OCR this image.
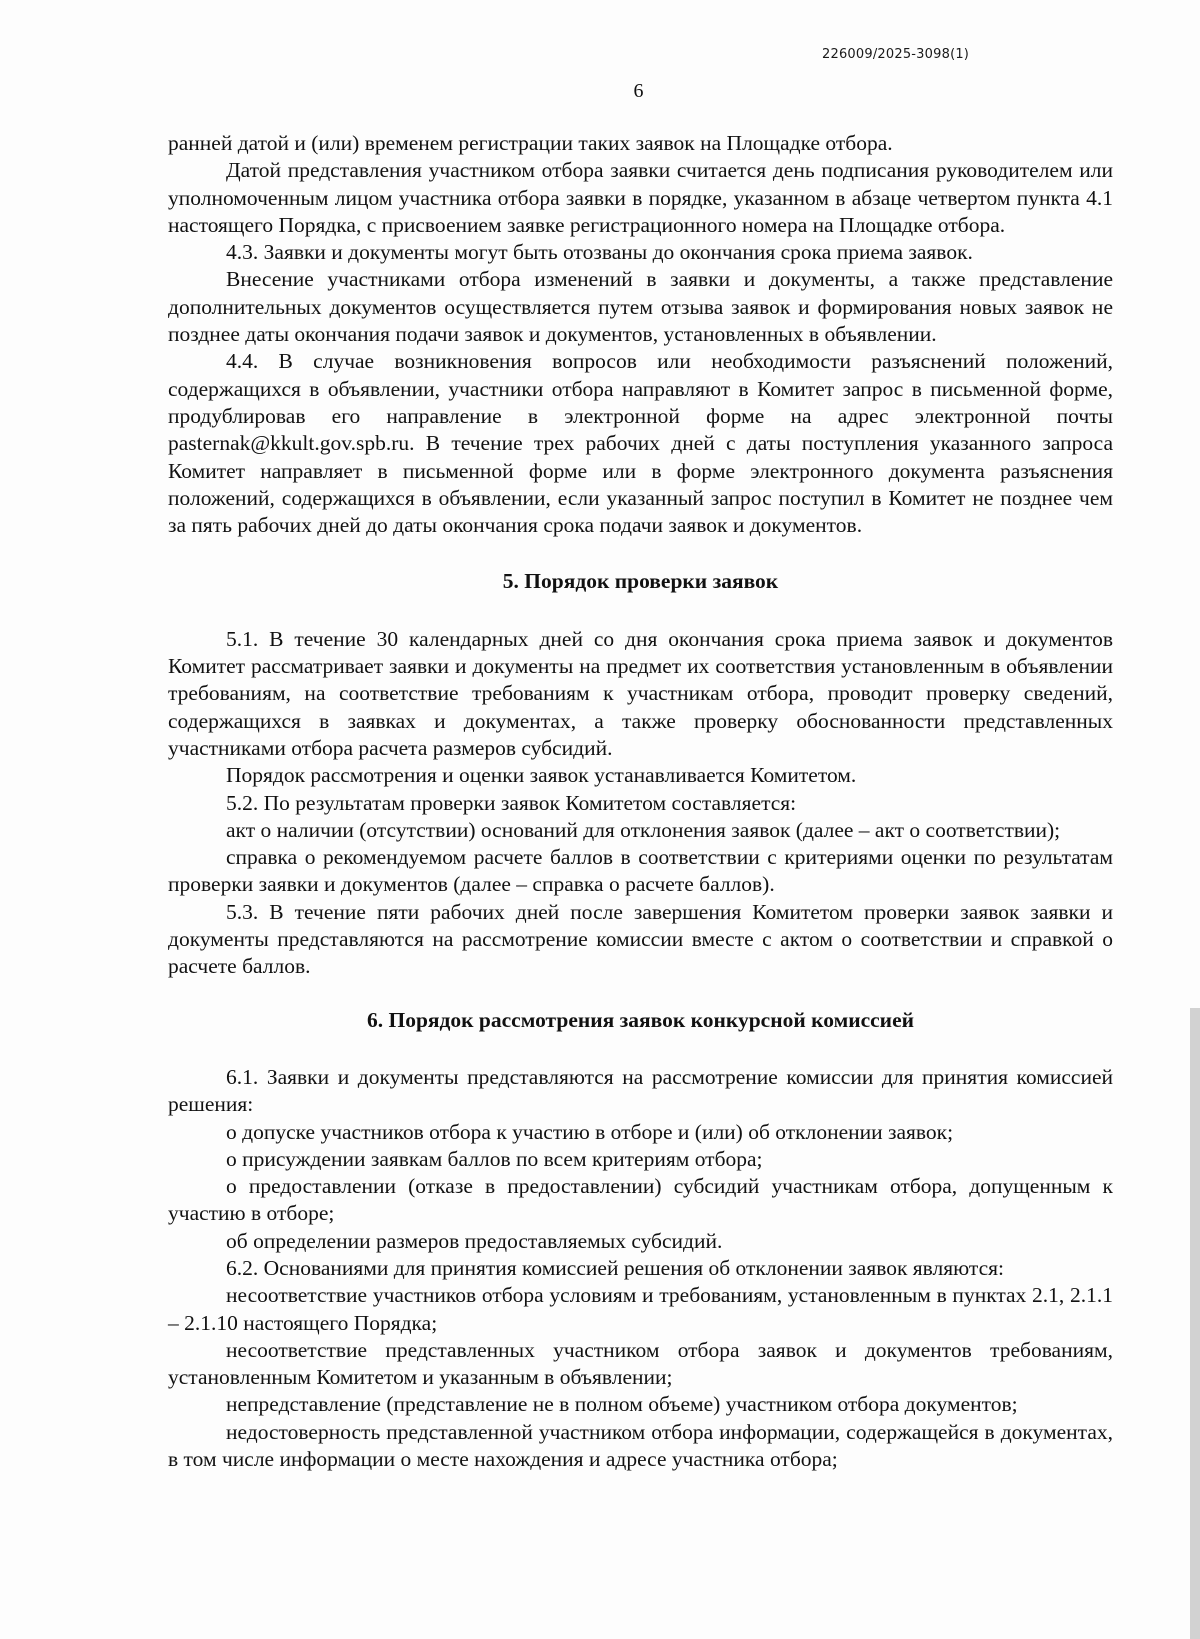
226009/2025-3098(1)
6

ранней датой и (или) временем регистрации таких заявок на Площадке отбора.

Датой представления участником отбора заявки считается день подписания руководителем или уполномоченным лицом участника отбора заявки в порядке, указанном в абзаце четвертом пункта 4.1 настоящего Порядка, с присвоением заявке регистрационного номера на Площадке отбора.

4.3. Заявки и документы могут быть отозваны до окончания срока приема заявок.

Внесение участниками отбора изменений в заявки и документы, а также представление дополнительных документов осуществляется путем отзыва заявок и формирования новых заявок не позднее даты окончания подачи заявок и документов, установленных в объявлении.

4.4. В случае возникновения вопросов или необходимости разъяснений положений, содержащихся в объявлении, участники отбора направляют в Комитет запрос в письменной форме, продублировав его направление в электронной форме на адрес электронной почты pasternak@kkult.gov.spb.ru. В течение трех рабочих дней с даты поступления указанного запроса Комитет направляет в письменной форме или в форме электронного документа разъяснения положений, содержащихся в объявлении, если указанный запрос поступил в Комитет не позднее чем за пять рабочих дней до даты окончания срока подачи заявок и документов.

5. Порядок проверки заявок

5.1. В течение 30 календарных дней со дня окончания срока приема заявок и документов Комитет рассматривает заявки и документы на предмет их соответствия установленным в объявлении требованиям, на соответствие требованиям к участникам отбора, проводит проверку сведений, содержащихся в заявках и документах, а также проверку обоснованности представленных участниками отбора расчета размеров субсидий.

Порядок рассмотрения и оценки заявок устанавливается Комитетом.

5.2. По результатам проверки заявок Комитетом составляется:

акт о наличии (отсутствии) оснований для отклонения заявок (далее – акт о соответствии);

справка о рекомендуемом расчете баллов в соответствии с критериями оценки по результатам проверки заявки и документов (далее – справка о расчете баллов).

5.3. В течение пяти рабочих дней после завершения Комитетом проверки заявок заявки и документы представляются на рассмотрение комиссии вместе с актом о соответствии и справкой о расчете баллов.

6. Порядок рассмотрения заявок конкурсной комиссией

6.1. Заявки и документы представляются на рассмотрение комиссии для принятия комиссией решения:

о допуске участников отбора к участию в отборе и (или) об отклонении заявок;

о присуждении заявкам баллов по всем критериям отбора;

о предоставлении (отказе в предоставлении) субсидий участникам отбора, допущенным к участию в отборе;

об определении размеров предоставляемых субсидий.

6.2. Основаниями для принятия комиссией решения об отклонении заявок являются:

несоответствие участников отбора условиям и требованиям, установленным в пунктах 2.1, 2.1.1 – 2.1.10 настоящего Порядка;

несоответствие представленных участником отбора заявок и документов требованиям, установленным Комитетом и указанным в объявлении;

непредставление (представление не в полном объеме) участником отбора документов;

недостоверность представленной участником отбора информации, содержащейся в документах, в том числе информации о месте нахождения и адресе участника отбора;
